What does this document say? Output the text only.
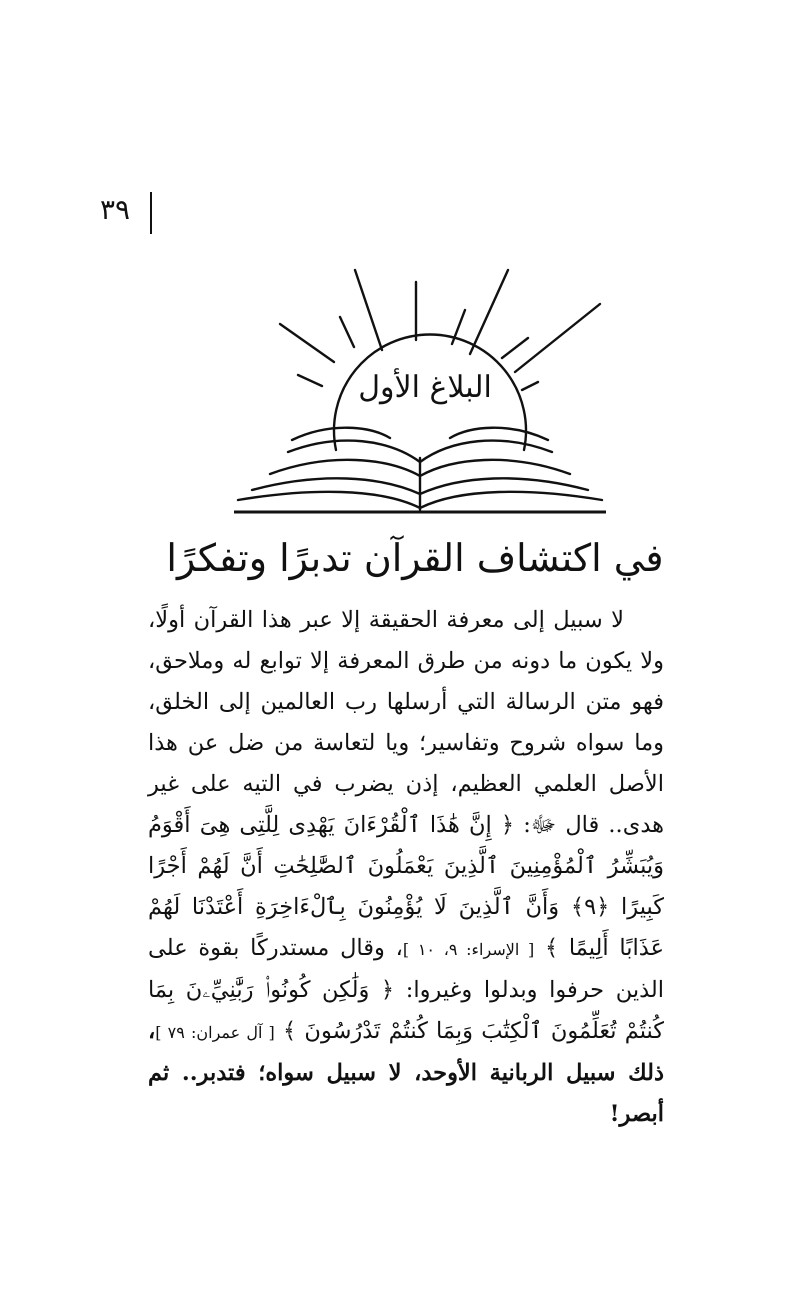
٣٩
البلاغ الأول
في اكتشاف القرآن تدبرًا وتفكرًا

لا سبيل إلى معرفة الحقيقة إلا عبر هذا القرآن أولًا، ولا يكون ما دونه من طرق المعرفة إلا توابع له وملاحق، فهو متن الرسالة التي أرسلها رب العالمين إلى الخلق، وما سواه شروح وتفاسير؛ ويا لتعاسة من ضل عن هذا الأصل العلمي العظيم، إذن يضرب في التيه على غير هدى.. قال ﷻ: ﴿ إِنَّ هَٰذَا ٱلْقُرْءَانَ يَهْدِى لِلَّتِى هِىَ أَقْوَمُ وَيُبَشِّرُ ٱلْمُؤْمِنِينَ ٱلَّذِينَ يَعْمَلُونَ ٱلصَّٰلِحَٰتِ أَنَّ لَهُمْ أَجْرًا كَبِيرًا ﴿٩﴾ وَأَنَّ ٱلَّذِينَ لَا يُؤْمِنُونَ بِٱلْءَاخِرَةِ أَعْتَدْنَا لَهُمْ عَذَابًا أَلِيمًا ﴾ [ الإسراء: ٩، ١٠ ]، وقال مستدركًا بقوة على الذين حرفوا وبدلوا وغيروا: ﴿ وَلَٰكِن كُونُوا۟ رَبَّٰنِيِّۦنَ بِمَا كُنتُمْ تُعَلِّمُونَ ٱلْكِتَٰبَ وَبِمَا كُنتُمْ تَدْرُسُونَ ﴾ [ آل عمران: ٧٩ ]، ذلك سبيل الربانية الأوحد، لا سبيل سواه؛ فتدبر.. ثم أبصر!
